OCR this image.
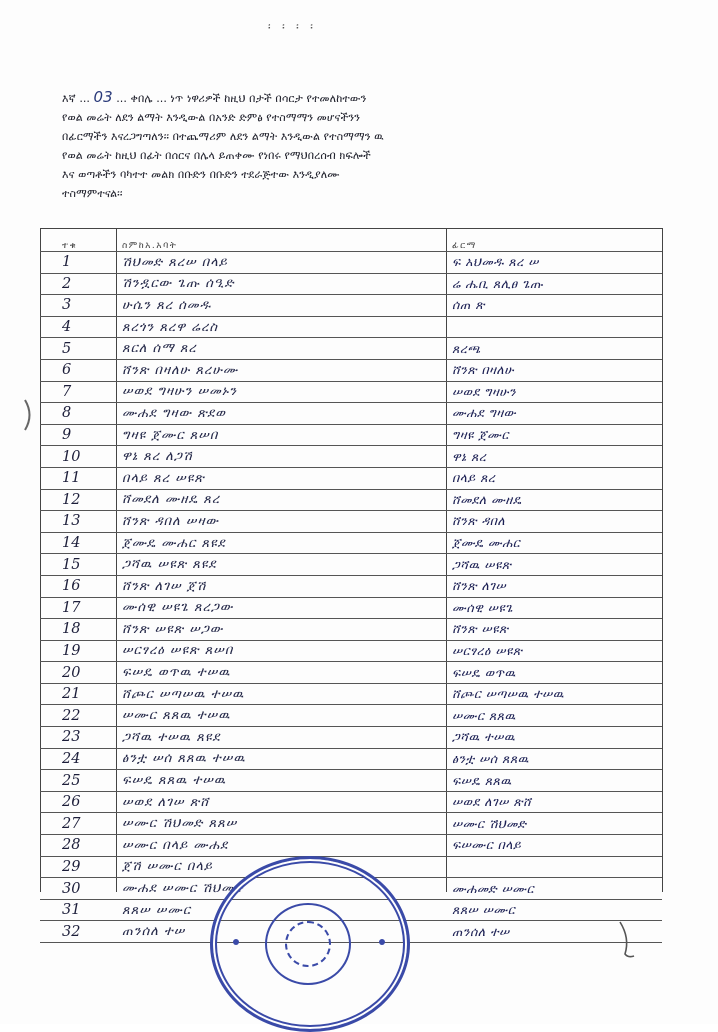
፡ ፡ ፡ ፡
እኛ ... 03 ... ቀበሌ ... ነጥ ነዋሪዎች ከዚህ በታች በሳርታ የተመለከተውን
የወል መሬት ለደን ልማት እንዲውል በአንድ ድምፅ የተስማማን መሆናችንን
በፊርማችን እናረጋግጣለን፡፡ በተጨማሪም ለደን ልማት እንዲውል የተስማማን ዉ
የወል መሬት ከዚህ በፊት በሰርና በሌላ ይጠቀሙ የነበሩ የማህበረሰብ ክፍሎች
እና ወጣቶችን ባካተተ መልክ በቡድን በቡድን ተደራጅተው እንዲያለሙ
ተስማምተናል፡፡
ተቁ	ስምከአ.አባት	ፊርማ
1	ሽህመድ ጸረሠ በላይ	ፍ አህመዱ ጸረ ሠ
2	ሽንዷርው ጌጡ ሰዒድ	ሬ ሔቢ ጸሊፀ ጌጡ
3	ሁሴን ጸረ ሰመዱ	ሰጠ ጽ
4	ጸረጎን ጸረዋ ሬረስ
5	ጸርለ ሰማ ጸረ	ጸረጫ
6	ሸንጽ በዛለሁ ጸረሁሙ	ሸንጽ በዛለሁ
7	ሠወደ ግዛሁን ሠመኑን	ሠወደ ግዛሁን
8	ሙሐደ ግዛው ጽደወ	ሙሐደ ግዛው
9	ግዛዩ ጀሙር ጸሠበ	ግዛዩ ጀሙር
10	ዋኔ ጸረ ለጋሽ	ዋኔ ጸረ
11	በላይ ጸረ ሠዩጽ	በላይ ጸረ
12	ሸመደለ ሙዘዴ ጸረ	ሸመደለ ሙዘዴ
13	ሸንጽ ዳበለ ሠዛው	ሸንጽ ዳበለ
14	ጀሙዴ ሙሐር ጸዩደ	ጀሙዴ ሙሐር
15	ጋሻዉ ሠዩጽ ጸዩደ	ጋሻዉ ሠዩጽ
16	ሸንጽ ለገሠ ጀሽ	ሸንጽ ለገሠ
17	ሙሰዊ ሠዩጌ ጸረጋው	ሙሰዊ ሠዩጌ
18	ሸንጽ ሠዩጽ ሠጋው	ሸንጽ ሠዩጽ
19	ሠርፃረዕ ሠዩጽ ጸሠበ	ሠርፃረዕ ሠዩጽ
20	ፍሠዴ ወጥዉ ተሠዉ	ፍሠዴ ወጥዉ
21	ሸጮር ሠጣሠዉ ተሠዉ	ሸጮር ሠጣሠዉ ተሠዉ
22	ሠሙር ጸጸዉ ተሠዉ	ሠሙር ጸጸዉ
23	ጋሻዉ ተሠዉ ጸዩደ	ጋሻዉ ተሠዉ
24	ፅንቷ ሠሰ ጸጸዉ ተሠዉ	ፅንቷ ሠሰ ጸጸዉ
25	ፍሠዴ ጸጸዉ ተሠዉ	ፍሠዴ ጸጸዉ
26	ሠወደ ለገሠ ጽሸ	ሠወደ ለገሠ ጽሸ
27	ሠሙር ሽህመድ ጸጸሠ	ሠሙር ሽህመድ
28	ሠሙር በላይ ሙሐደ	ፍሠሙር በላይ
29	ጀሽ ሠሙር በላይ
30	ሙሐደ ሠሙር ሽህመድ	ሙሐመድ ሠሙር
31	ጸጸሠ ሠሙር	ጸጸሠ ሠሙር
32	ጠንሰለ ተሠ	ጠንሰለ ተሠ
